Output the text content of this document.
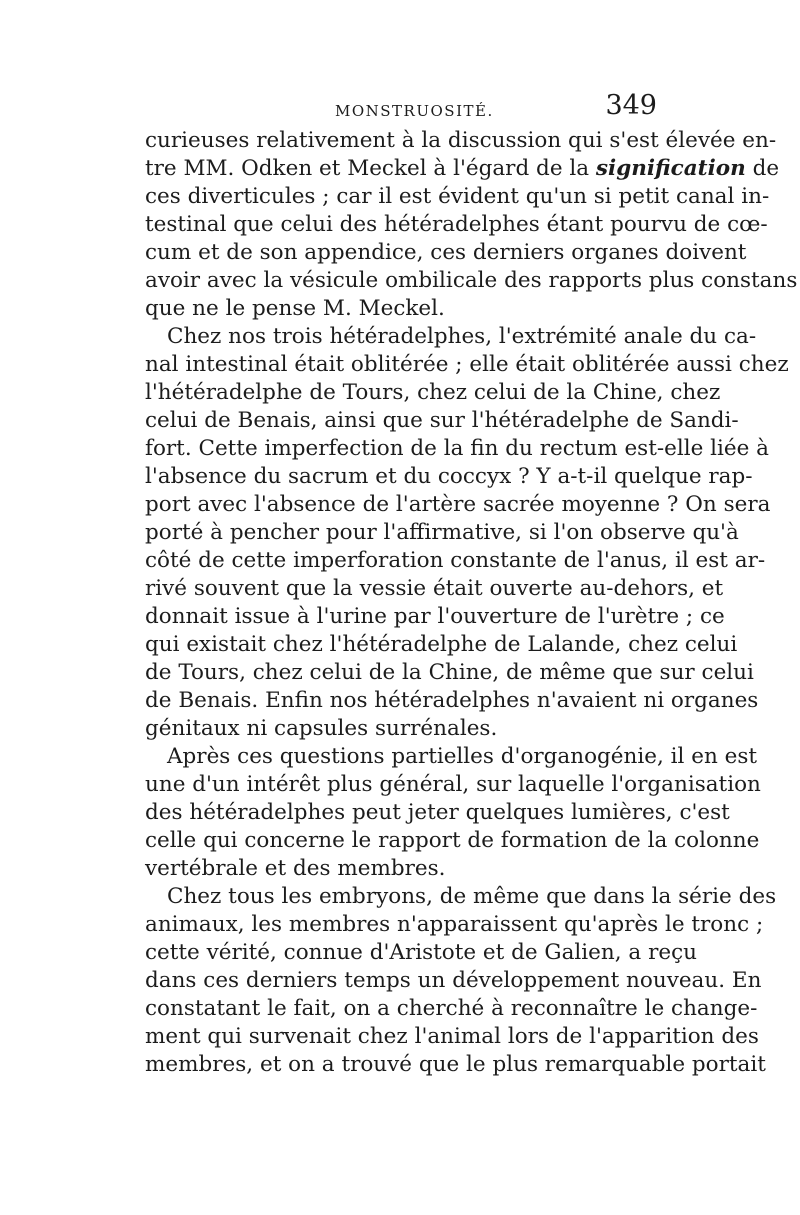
MONSTRUOSITÉ.	349
curieuses relativement à la discussion qui s'est élevée en-
tre MM. Odken et Meckel à l'égard de la signification de
ces diverticules ; car il est évident qu'un si petit canal in-
testinal que celui des hétéradelphes étant pourvu de cœ-
cum et de son appendice, ces derniers organes doivent
avoir avec la vésicule ombilicale des rapports plus constans
que ne le pense M. Meckel.
Chez nos trois hétéradelphes, l'extrémité anale du ca-
nal intestinal était oblitérée ; elle était oblitérée aussi chez
l'hétéradelphe de Tours, chez celui de la Chine, chez
celui de Benais, ainsi que sur l'hétéradelphe de Sandi-
fort. Cette imperfection de la fin du rectum est-elle liée à
l'absence du sacrum et du coccyx ? Y a-t-il quelque rap-
port avec l'absence de l'artère sacrée moyenne ? On sera
porté à pencher pour l'affirmative, si l'on observe qu'à
côté de cette imperforation constante de l'anus, il est ar-
rivé souvent que la vessie était ouverte au-dehors, et
donnait issue à l'urine par l'ouverture de l'urètre ; ce
qui existait chez l'hétéradelphe de Lalande, chez celui
de Tours, chez celui de la Chine, de même que sur celui
de Benais. Enfin nos hétéradelphes n'avaient ni organes
génitaux ni capsules surrénales.
Après ces questions partielles d'organogénie, il en est
une d'un intérêt plus général, sur laquelle l'organisation
des hétéradelphes peut jeter quelques lumières, c'est
celle qui concerne le rapport de formation de la colonne
vertébrale et des membres.
Chez tous les embryons, de même que dans la série des
animaux, les membres n'apparaissent qu'après le tronc ;
cette vérité, connue d'Aristote et de Galien, a reçu
dans ces derniers temps un développement nouveau. En
constatant le fait, on a cherché à reconnaître le change-
ment qui survenait chez l'animal lors de l'apparition des
membres, et on a trouvé que le plus remarquable portait
